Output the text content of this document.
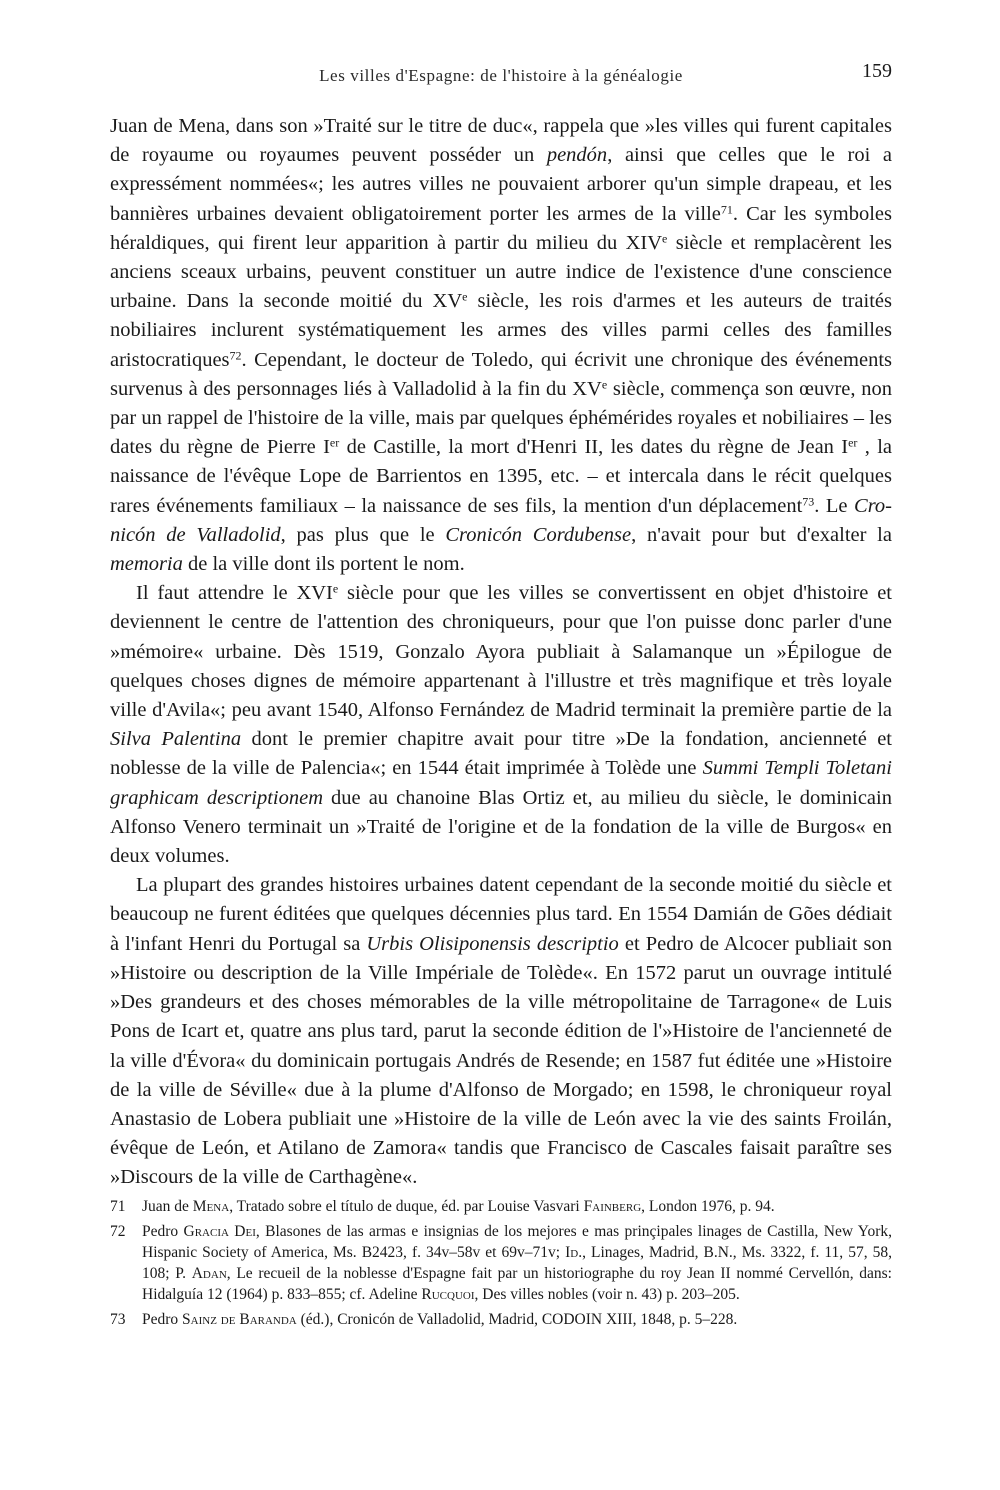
Les villes d'Espagne: de l'histoire à la généalogie	159

Juan de Mena, dans son »Traité sur le titre de duc«, rappela que »les villes qui furent capitales de royaume ou royaumes peuvent posséder un pendón, ainsi que celles que le roi a expressément nommées«; les autres villes ne pouvaient arborer qu'un simple drapeau, et les bannières urbaines devaient obligatoirement porter les armes de la ville$^{71}$. Car les symboles héraldiques, qui firent leur apparition à partir du milieu du XIVe siècle et remplacèrent les anciens sceaux urbains, peuvent constituer un autre indice de l'existence d'une conscience urbaine. Dans la seconde moitié du XVe siècle, les rois d'armes et les auteurs de traités nobiliaires inclurent systématiquement les armes des villes parmi celles des familles aristocratiques$^{72}$. Cependant, le docteur de Toledo, qui écrivit une chronique des événements survenus à des personnages liés à Valladolid à la fin du XVe siècle, commença son œuvre, non par un rappel de l'histoire de la ville, mais par quelques éphémérides royales et nobiliaires – les dates du règne de Pierre Ier de Castille, la mort d'Henri II, les dates du règne de Jean Ier , la naissance de l'évêque Lope de Barrientos en 1395, etc. – et intercala dans le récit quelques rares événements familiaux – la naissance de ses fils, la mention d'un déplacement$^{73}$. Le Cronicón de Valladolid, pas plus que le Cronicón Cordubense, n'avait pour but d'exalter la memoria de la ville dont ils portent le nom.

Il faut attendre le XVIe siècle pour que les villes se convertissent en objet d'histoire et deviennent le centre de l'attention des chroniqueurs, pour que l'on puisse donc parler d'une »mémoire« urbaine. Dès 1519, Gonzalo Ayora publiait à Salamanque un »Épilogue de quelques choses dignes de mémoire appartenant à l'illustre et très magnifique et très loyale ville d'Avila«; peu avant 1540, Alfonso Fernández de Madrid terminait la première partie de la Silva Palentina dont le premier chapitre avait pour titre »De la fondation, ancienneté et noblesse de la ville de Palencia«; en 1544 était imprimée à Tolède une Summi Templi Toletani graphicam descriptionem due au chanoine Blas Ortiz et, au milieu du siècle, le dominicain Alfonso Venero terminait un »Traité de l'origine et de la fondation de la ville de Burgos« en deux volumes.

La plupart des grandes histoires urbaines datent cependant de la seconde moitié du siècle et beaucoup ne furent éditées que quelques décennies plus tard. En 1554 Damián de Gões dédiait à l'infant Henri du Portugal sa Urbis Olisiponensis descriptio et Pedro de Alcocer publiait son »Histoire ou description de la Ville Impériale de Tolède«. En 1572 parut un ouvrage intitulé »Des grandeurs et des choses mémorables de la ville métropolitaine de Tarragone« de Luis Pons de Icart et, quatre ans plus tard, parut la seconde édition de l'»Histoire de l'ancienneté de la ville d'Évora« du dominicain portugais Andrés de Resende; en 1587 fut éditée une »Histoire de la ville de Séville« due à la plume d'Alfonso de Morgado; en 1598, le chroniqueur royal Anastasio de Lobera publiait une »Histoire de la ville de León avec la vie des saints Froilán, évêque de León, et Atilano de Zamora« tandis que Francisco de Cascales faisait paraître ses »Discours de la ville de Carthagène«.

71	Juan de Mena, Tratado sobre el título de duque, éd. par Louise Vasvari Fainberg, London 1976, p. 94.
72	Pedro Gracia Dei, Blasones de las armas e insignias de los mejores e mas prinçipales linages de Castilla, New York, Hispanic Society of America, Ms. B2423, f. 34v–58v et 69v–71v; Id., Linages, Madrid, B.N., Ms. 3322, f. 11, 57, 58, 108; P. Adan, Le recueil de la noblesse d'Espagne fait par un historiographe du roy Jean II nommé Cervellón, dans: Hidalguía 12 (1964) p. 833–855; cf. Adeline Rucquoi, Des villes nobles (voir n. 43) p. 203–205.
73	Pedro Sainz de Baranda (éd.), Cronicón de Valladolid, Madrid, CODOIN XIII, 1848, p. 5–228.
